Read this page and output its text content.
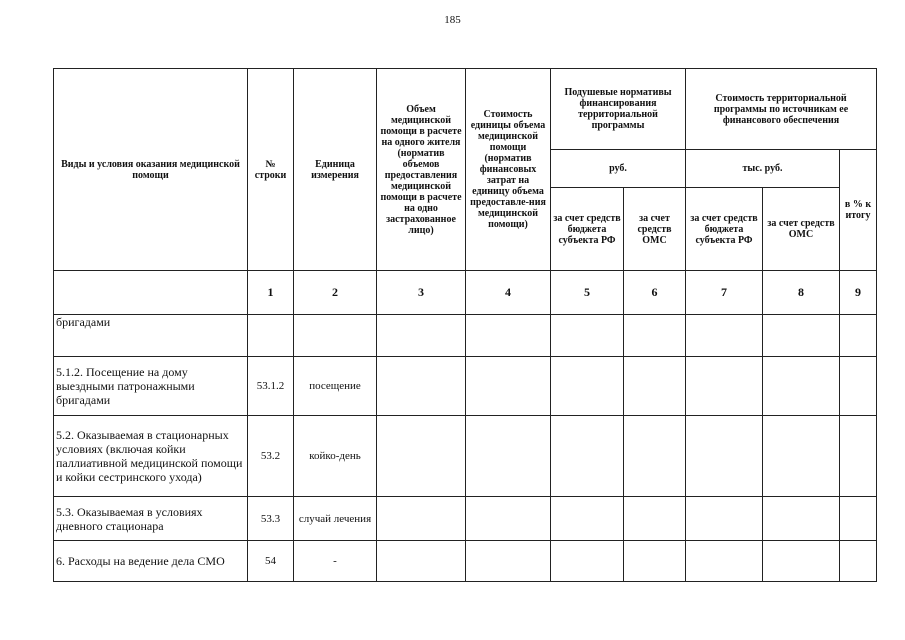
185
Виды и условия оказания медицинской помощи	№ строки	Единица измерения	Объем медицинской помощи в расчете на одного жителя (норматив объемов предоставления медицинской помощи в расчете на одно застрахованное лицо)	Стоимость единицы объема медицинской помощи (норматив финансовых затрат на единицу объема предоставле-ния медицинской помощи)	Подушевые нормативы финансирования территориальной программы		Стоимость территориальной программы по источникам ее финансового обеспечения		
					руб.		тыс. руб.		в % к итогу
					за счет средств бюджета субъекта РФ	за счет средств ОМС	за счет средств бюджета субъекта РФ	за счет средств ОМС	
	1	2	3	4	5	6	7	8	9
бригадами									
5.1.2. Посещение на дому выездными патронажными бригадами	53.1.2	посещение							
5.2. Оказываемая в стационарных условиях (включая койки паллиативной медицинской помощи и койки сестринского ухода)	53.2	койко-день							
5.3. Оказываемая в условиях дневного стационара	53.3	случай лечения							
6. Расходы на ведение дела СМО	54	-							
